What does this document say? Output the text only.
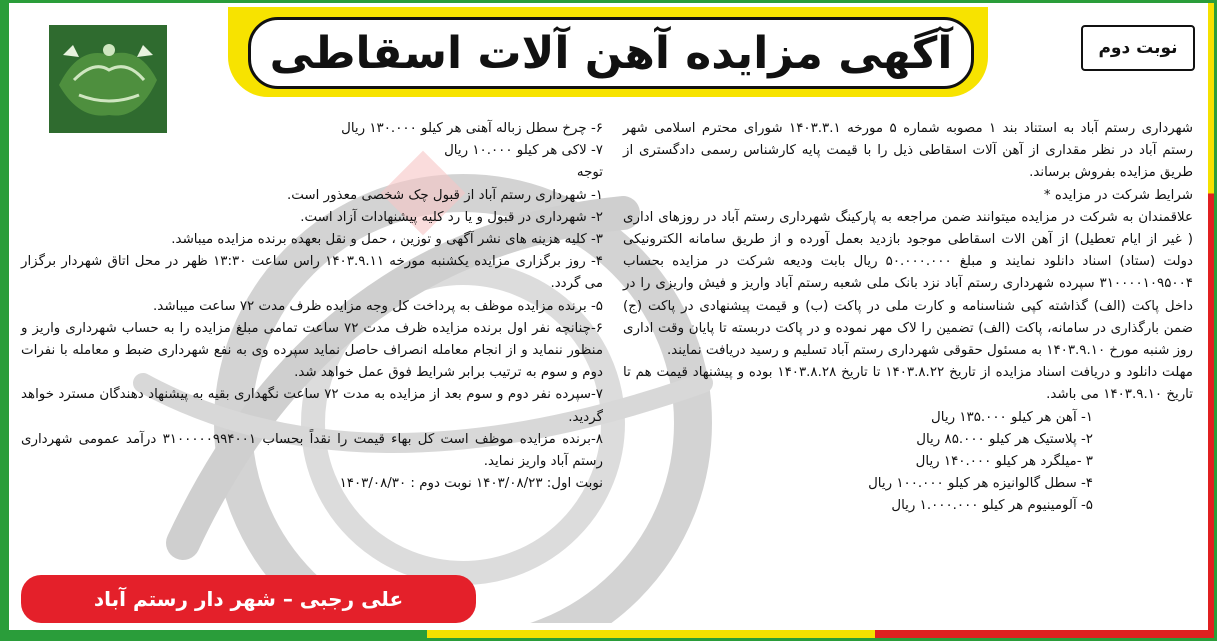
آگهی مزایده آهن آلات اسقاطی	نوبت دوم

شهرداری رستم آباد به استناد بند ۱ مصوبه شماره ۵ مورخه ۱۴۰۳.۳.۱ شورای محترم اسلامی شهر رستم آباد در نظر مقداری از آهن آلات اسقاطی ذیل را با قیمت پایه کارشناس رسمی دادگستری از طریق مزایده بفروش برساند.

شرایط شرکت در مزایده *

علاقمندان به شرکت در مزایده میتوانند ضمن مراجعه به پارکینگ شهرداری رستم آباد در روزهای اداری ( غیر از ایام تعطیل) از آهن الات اسقاطی موجود بازدید بعمل آورده و از طریق سامانه الکترونیکی دولت (ستاد) اسناد دانلود نمایند و مبلغ ۵۰.۰۰۰.۰۰۰ ریال بابت ودیعه شرکت در مزایده بحساب ۳۱۰۰۰۰۱۰۹۵۰۰۴ سپرده شهرداری رستم آباد نزد بانک ملی شعبه رستم آباد واریز و فیش واریزی را در داخل پاکت (الف) گذاشته کپی شناسنامه و کارت ملی در پاکت (ب) و قیمت پیشنهادی در پاکت (ج) ضمن بارگذاری در سامانه، پاکت (الف) تضمین را لاک مهر نموده و در پاکت دربسته تا پایان وقت اداری روز شنبه مورخ ۱۴۰۳.۹.۱۰ به مسئول حقوقی شهرداری رستم آباد تسلیم و رسید دریافت نمایند.

مهلت دانلود و دریافت اسناد مزایده از تاریخ ۱۴۰۳.۸.۲۲ تا تاریخ ۱۴۰۳.۸.۲۸ بوده و پیشنهاد قیمت هم تا تاریخ ۱۴۰۳.۹.۱۰ می باشد.

۱- آهن هر کیلو ۱۳۵.۰۰۰ ریال

۲- پلاستیک هر کیلو ۸۵.۰۰۰ ریال

۳ -میلگرد هر کیلو ۱۴۰.۰۰۰ ریال

۴- سطل گالوانیزه هر کیلو ۱۰۰.۰۰۰ ریال

۵- آلومینیوم هر کیلو ۱.۰۰۰.۰۰۰ ریال

۶- چرخ سطل زباله آهنی هر کیلو ۱۳۰.۰۰۰ ریال

۷- لاکی هر کیلو ۱۰.۰۰۰ ریال

توجه

۱- شهرداری رستم آباد از قبول چک شخصی معذور است.

۲- شهرداری در قبول و یا رد کلیه پیشنهادات آزاد است.

۳- کلیه هزینه های نشر آگهی و توزین ، حمل و نقل بعهده برنده مزایده میباشد.

۴- روز برگزاری مزایده یکشنبه مورخه ۱۴۰۳.۹.۱۱ راس ساعت ۱۳:۳۰ ظهر در محل اتاق شهردار برگزار می گردد.

۵- برنده مزایده موظف به پرداخت کل وجه مزایده ظرف مدت ۷۲ ساعت میباشد.

۶-چنانچه نفر اول برنده مزایده ظرف مدت ۷۲ ساعت تمامی مبلغ مزایده را به حساب شهرداری واریز و منظور ننماید و از انجام معامله انصراف حاصل نماید سپرده وی به نفع شهرداری ضبط و معامله با نفرات دوم و سوم به ترتیب برابر شرایط فوق عمل خواهد شد.

۷-سپرده نفر دوم و سوم بعد از مزایده به مدت ۷۲ ساعت نگهداری بقیه به پیشنهاد دهندگان مسترد خواهد گردید.

۸-برنده مزایده موظف است کل بهاء قیمت را نقداً بحساب ۳۱۰۰۰۰۰۹۹۴۰۰۱ درآمد عمومی شهرداری رستم آباد واریز نماید.

نوبت اول: ۱۴۰۳/۰۸/۲۳ نوبت دوم : ۱۴۰۳/۰۸/۳۰

علی رجبی – شهر دار رستم آباد
